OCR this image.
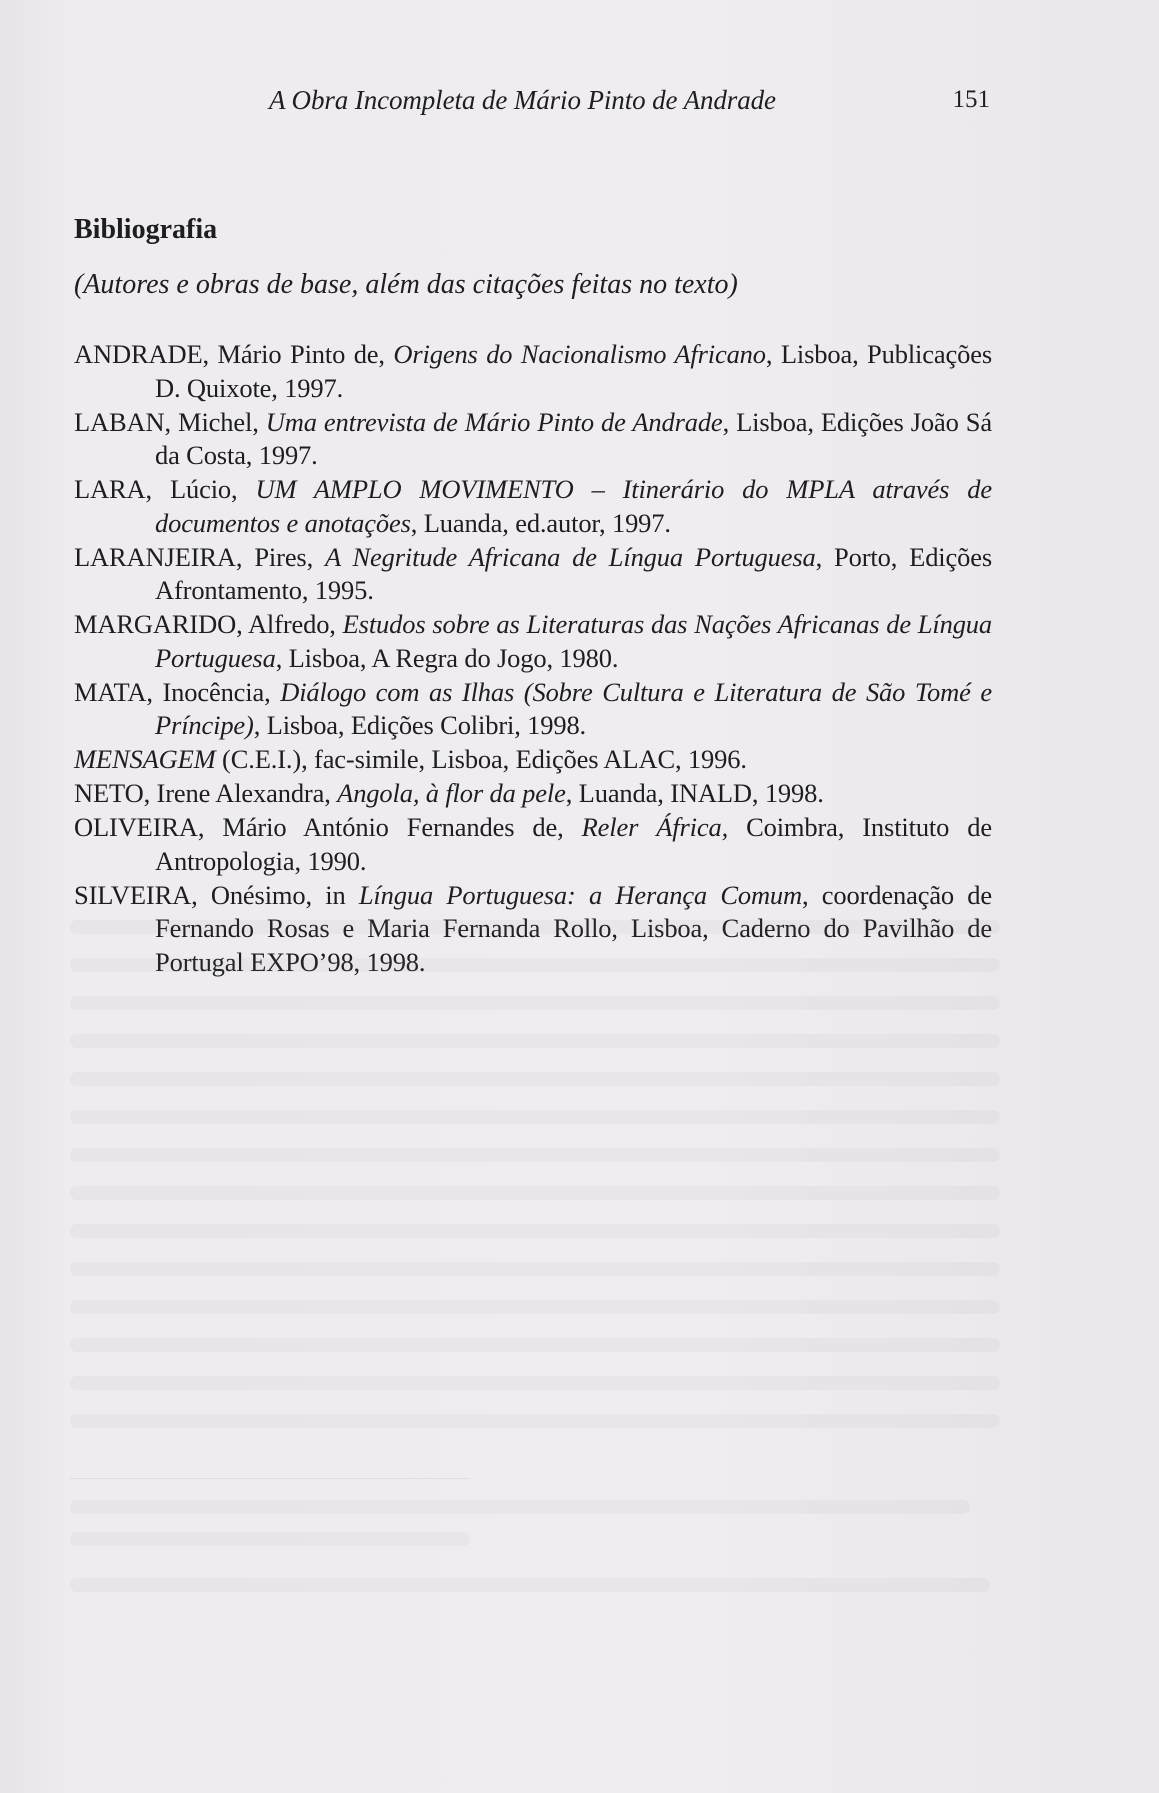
A Obra Incompleta de Mário Pinto de Andrade	151
Bibliografia
(Autores e obras de base, além das citações feitas no texto)
ANDRADE, Mário Pinto de, Origens do Nacionalismo Africano, Lisboa, Publicações D. Quixote, 1997.
LABAN, Michel, Uma entrevista de Mário Pinto de Andrade, Lisboa, Edições João Sá da Costa, 1997.
LARA, Lúcio, UM AMPLO MOVIMENTO – Itinerário do MPLA através de documentos e anotações, Luanda, ed.autor, 1997.
LARANJEIRA, Pires, A Negritude Africana de Língua Portuguesa, Porto, Edições Afrontamento, 1995.
MARGARIDO, Alfredo, Estudos sobre as Literaturas das Nações Africanas de Língua Portuguesa, Lisboa, A Regra do Jogo, 1980.
MATA, Inocência, Diálogo com as Ilhas (Sobre Cultura e Literatura de São Tomé e Príncipe), Lisboa, Edições Colibri, 1998.
MENSAGEM (C.E.I.), fac-simile, Lisboa, Edições ALAC, 1996.
NETO, Irene Alexandra, Angola, à flor da pele, Luanda, INALD, 1998.
OLIVEIRA, Mário António Fernandes de, Reler África, Coimbra, Instituto de Antropologia, 1990.
SILVEIRA, Onésimo, in Língua Portuguesa: a Herança Comum, coordenação de Fernando Rosas e Maria Fernanda Rollo, Lisboa, Caderno do Pavilhão de Portugal EXPO’98, 1998.
